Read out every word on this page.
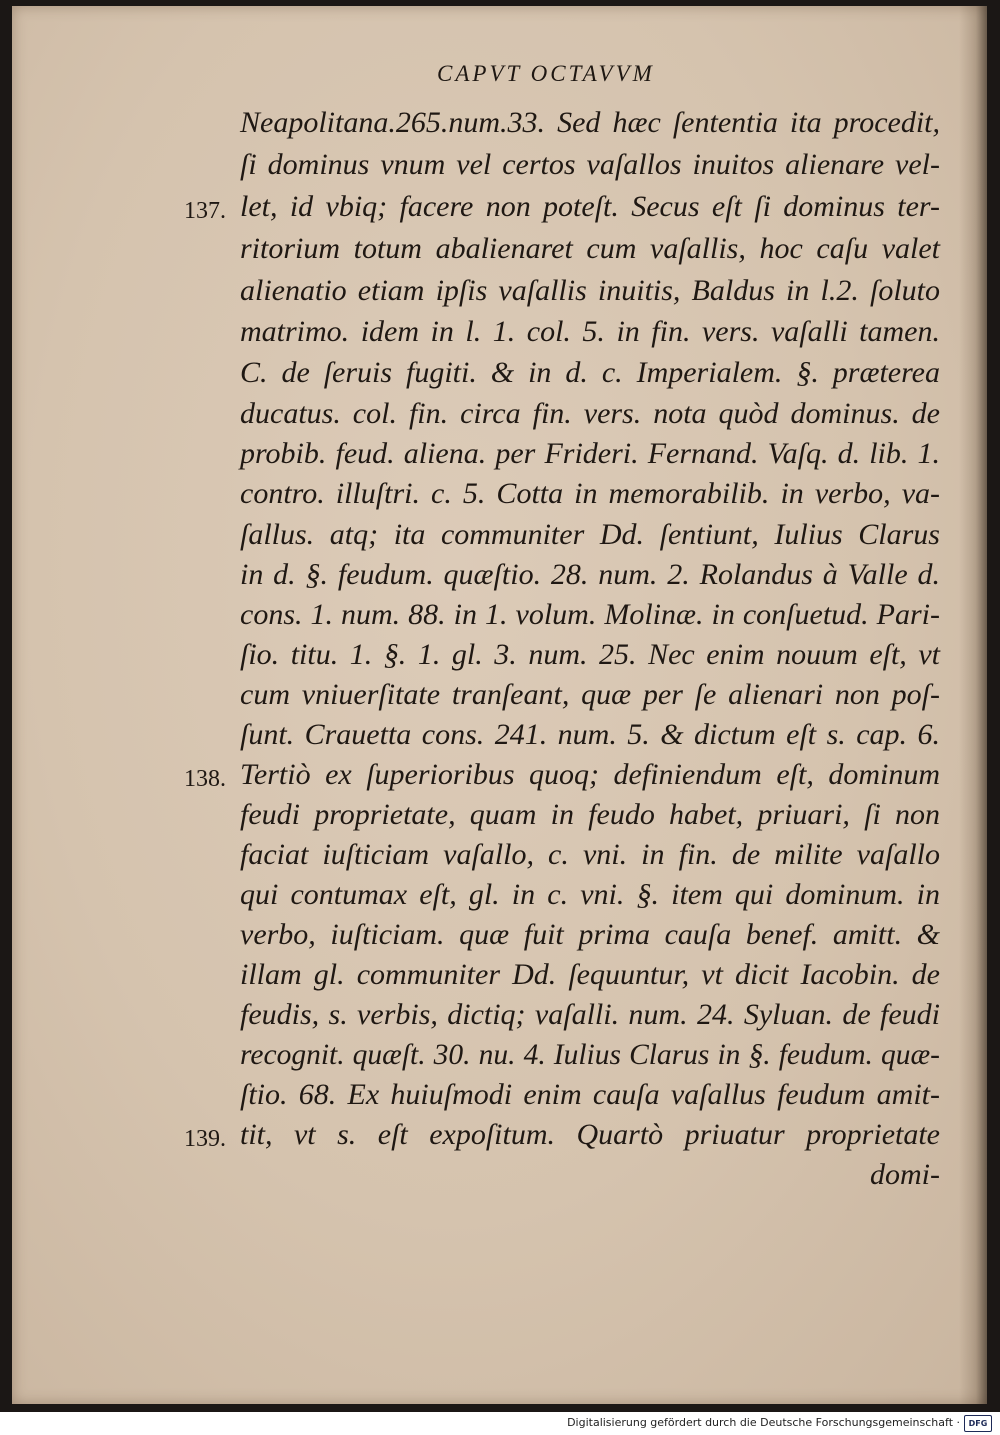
CAPVT OCTAVVM
Neapolitana.265.num.33. Sed hæc ſententia ita procedit,
ſi dominus vnum vel certos vaſallos inuitos alienare vel-
let, id vbiq; facere non poteſt. Secus eſt ſi dominus ter-
ritorium totum abalienaret cum vaſallis, hoc caſu valet
alienatio etiam ipſis vaſallis inuitis, Baldus in l.2. ſoluto
matrimo. idem in l. 1. col. 5. in fin. vers. vaſalli tamen.
C. de ſeruis fugiti. & in d. c. Imperialem. §. præterea
ducatus. col. fin. circa fin. vers. nota quòd dominus. de
probib. feud. aliena. per Frideri. Fernand. Vaſq. d. lib. 1.
contro. illuſtri. c. 5. Cotta in memorabilib. in verbo, va-
ſallus. atq; ita communiter Dd. ſentiunt, Iulius Clarus
in d. §. feudum. quæſtio. 28. num. 2. Rolandus à Valle d.
cons. 1. num. 88. in 1. volum. Molinæ. in conſuetud. Pari-
ſio. titu. 1. §. 1. gl. 3. num. 25. Nec enim nouum eſt, vt
cum vniuerſitate tranſeant, quæ per ſe alienari non poſ-
ſunt. Crauetta cons. 241. num. 5. & dictum eſt s. cap. 6.
Tertiò ex ſuperioribus quoq; definiendum eſt, dominum
feudi proprietate, quam in feudo habet, priuari, ſi non
faciat iuſticiam vaſallo, c. vni. in fin. de milite vaſallo
qui contumax eſt, gl. in c. vni. §. item qui dominum. in
verbo, iuſticiam. quæ fuit prima cauſa benef. amitt. &
illam gl. communiter Dd. ſequuntur, vt dicit Iacobin. de
feudis, s. verbis, dictiq; vaſalli. num. 24. Syluan. de feudi
recognit. quæſt. 30. nu. 4. Iulius Clarus in §. feudum. quæ-
ſtio. 68. Ex huiuſmodi enim cauſa vaſallus feudum amit-
tit, vt s. eſt expoſitum. Quartò priuatur proprietate
domi-
137.
138.
139.
Digitalisierung gefördert durch die Deutsche Forschungsgemeinschaft ·	DFG
